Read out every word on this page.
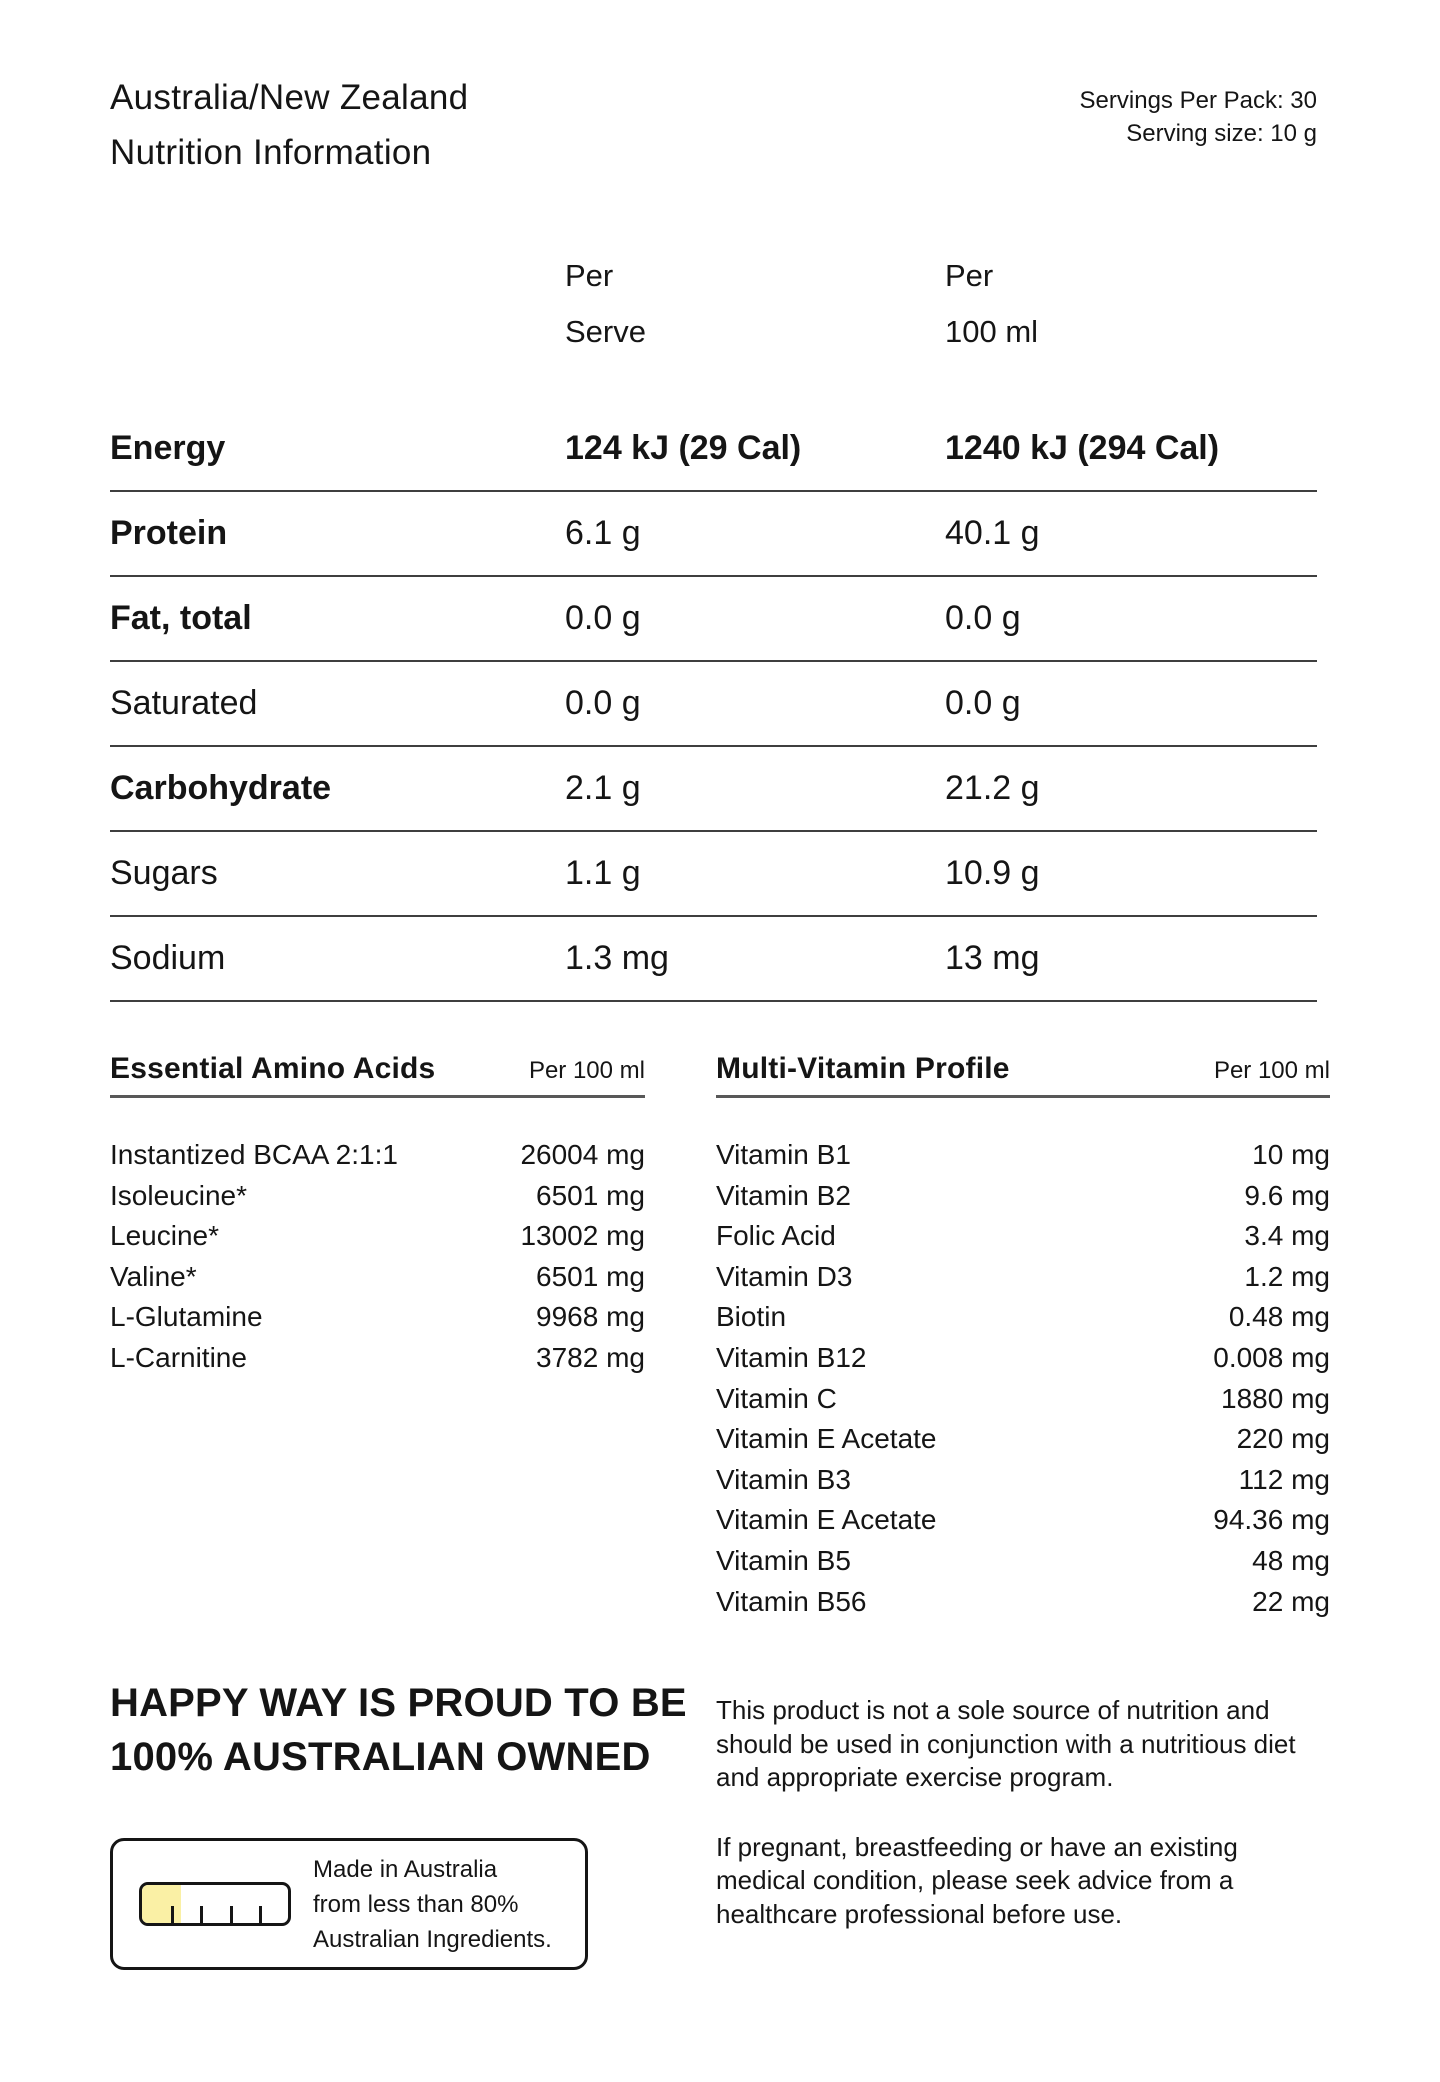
Australia/New Zealand
Nutrition Information
Servings Per Pack: 30
Serving size: 10 g
Per
Serve
Per
100 ml
Energy	124 kJ (29 Cal)	1240 kJ (294 Cal)
Protein	6.1 g	40.1 g
Fat, total	0.0 g	0.0 g
Saturated	0.0 g	0.0 g
Carbohydrate	2.1 g	21.2 g
Sugars	1.1 g	10.9 g
Sodium	1.3 mg	13 mg
Essential Amino Acids	Per 100 ml
Instantized BCAA 2:1:1	26004 mg
Isoleucine*	6501 mg
Leucine*	13002 mg
Valine*	6501 mg
L-Glutamine	9968 mg
L-Carnitine	3782 mg
Multi-Vitamin Profile	Per 100 ml
Vitamin B1	10 mg
Vitamin B2	9.6 mg
Folic Acid	3.4 mg
Vitamin D3	1.2 mg
Biotin	0.48 mg
Vitamin B12	0.008 mg
Vitamin C	1880 mg
Vitamin E Acetate	220 mg
Vitamin B3	112 mg
Vitamin E Acetate	94.36 mg
Vitamin B5	48 mg
Vitamin B56	22 mg
HAPPY WAY IS PROUD TO BE
100% AUSTRALIAN OWNED
Made in Australia
from less than 80%
Australian Ingredients.

This product is not a sole source of nutrition and should be used in conjunction with a nutritious diet and appropriate exercise program.

If pregnant, breastfeeding or have an existing medical condition, please seek advice from a healthcare professional before use.
